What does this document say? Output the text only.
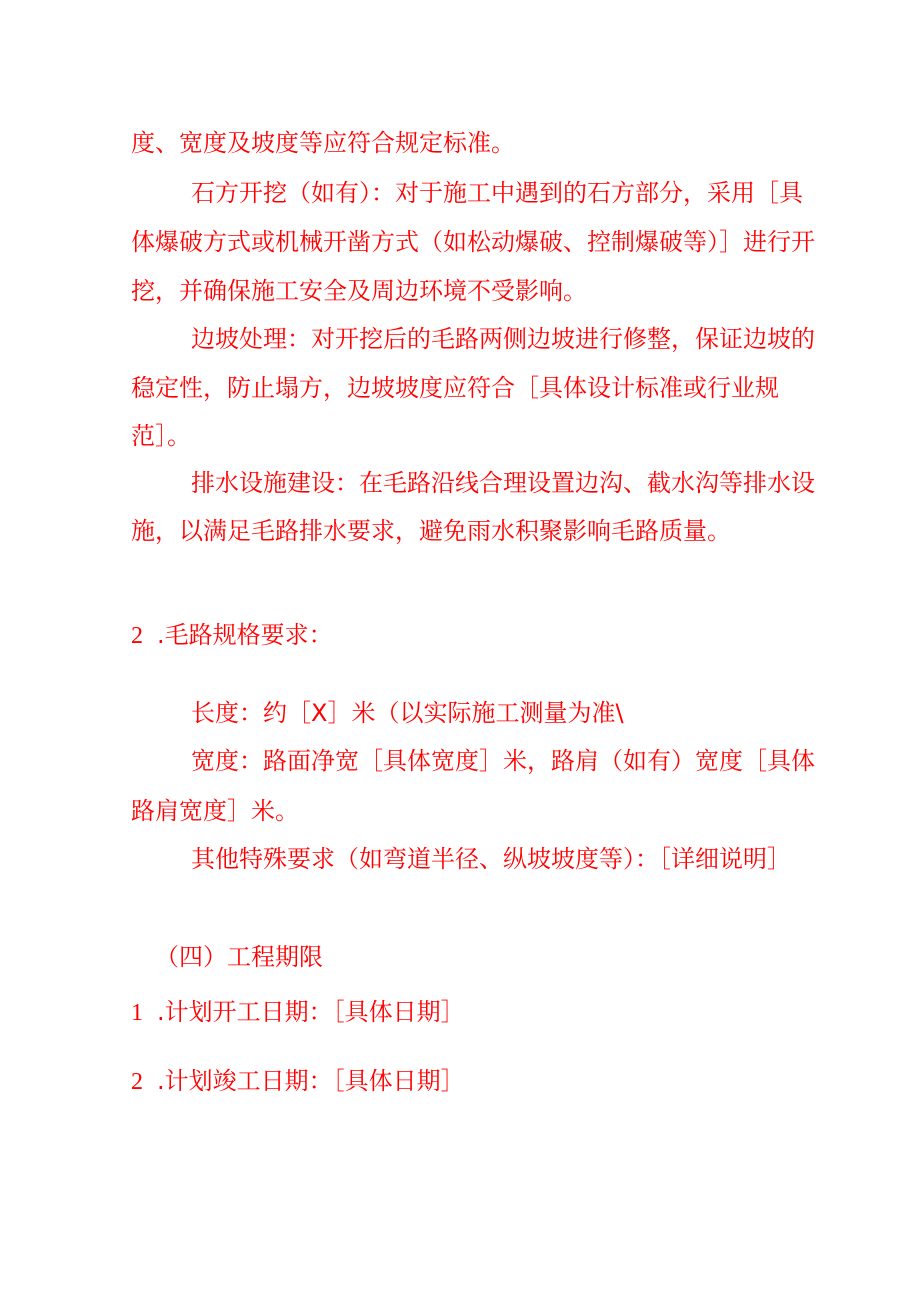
度、宽度及坡度等应符合规定标准。
石方开挖（如有）：对于施工中遇到的石方部分，采用［具
体爆破方式或机械开凿方式（如松动爆破、控制爆破等）］进行开
挖，并确保施工安全及周边环境不受影响。
边坡处理：对开挖后的毛路两侧边坡进行修整，保证边坡的
稳定性，防止塌方，边坡坡度应符合［具体设计标准或行业规
范］。
排水设施建设：在毛路沿线合理设置边沟、截水沟等排水设
施，以满足毛路排水要求，避免雨水积聚影响毛路质量。
2 .毛路规格要求：
长度：约［X］米（以实际施工测量为准\
宽度：路面净宽［具体宽度］米，路肩（如有）宽度［具体
路肩宽度］米。
其他特殊要求（如弯道半径、纵坡坡度等）：［详细说明］
（四）工程期限
1 .计划开工日期：［具体日期］
2 .计划竣工日期：［具体日期］
